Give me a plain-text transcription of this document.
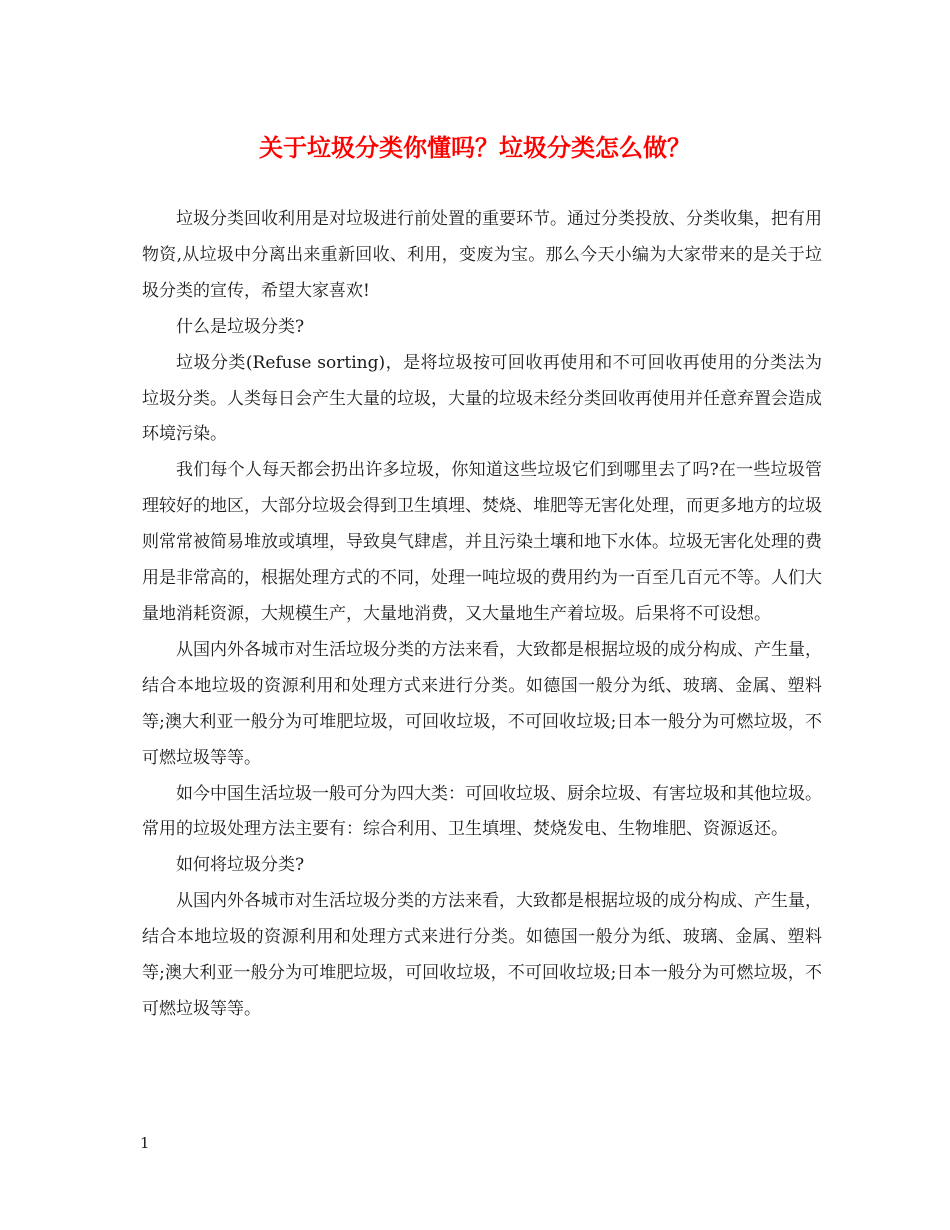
关于垃圾分类你懂吗？垃圾分类怎么做？

垃圾分类回收利用是对垃圾进行前处置的重要环节。通过分类投放、分类收集，把有用物资,从垃圾中分离出来重新回收、利用，变废为宝。那么今天小编为大家带来的是关于垃圾分类的宣传，希望大家喜欢!

什么是垃圾分类?

垃圾分类(Refuse sorting)，是将垃圾按可回收再使用和不可回收再使用的分类法为垃圾分类。人类每日会产生大量的垃圾，大量的垃圾未经分类回收再使用并任意弃置会造成环境污染。

我们每个人每天都会扔出许多垃圾，你知道这些垃圾它们到哪里去了吗?在一些垃圾管理较好的地区，大部分垃圾会得到卫生填埋、焚烧、堆肥等无害化处理，而更多地方的垃圾则常常被简易堆放或填埋，导致臭气肆虐，并且污染土壤和地下水体。垃圾无害化处理的费用是非常高的，根据处理方式的不同，处理一吨垃圾的费用约为一百至几百元不等。人们大量地消耗资源，大规模生产，大量地消费，又大量地生产着垃圾。后果将不可设想。

从国内外各城市对生活垃圾分类的方法来看，大致都是根据垃圾的成分构成、产生量，结合本地垃圾的资源利用和处理方式来进行分类。如德国一般分为纸、玻璃、金属、塑料等;澳大利亚一般分为可堆肥垃圾，可回收垃圾，不可回收垃圾;日本一般分为可燃垃圾，不可燃垃圾等等。

如今中国生活垃圾一般可分为四大类：可回收垃圾、厨余垃圾、有害垃圾和其他垃圾。常用的垃圾处理方法主要有：综合利用、卫生填埋、焚烧发电、生物堆肥、资源返还。

如何将垃圾分类?

从国内外各城市对生活垃圾分类的方法来看，大致都是根据垃圾的成分构成、产生量，结合本地垃圾的资源利用和处理方式来进行分类。如德国一般分为纸、玻璃、金属、塑料等;澳大利亚一般分为可堆肥垃圾，可回收垃圾，不可回收垃圾;日本一般分为可燃垃圾，不可燃垃圾等等。

1
